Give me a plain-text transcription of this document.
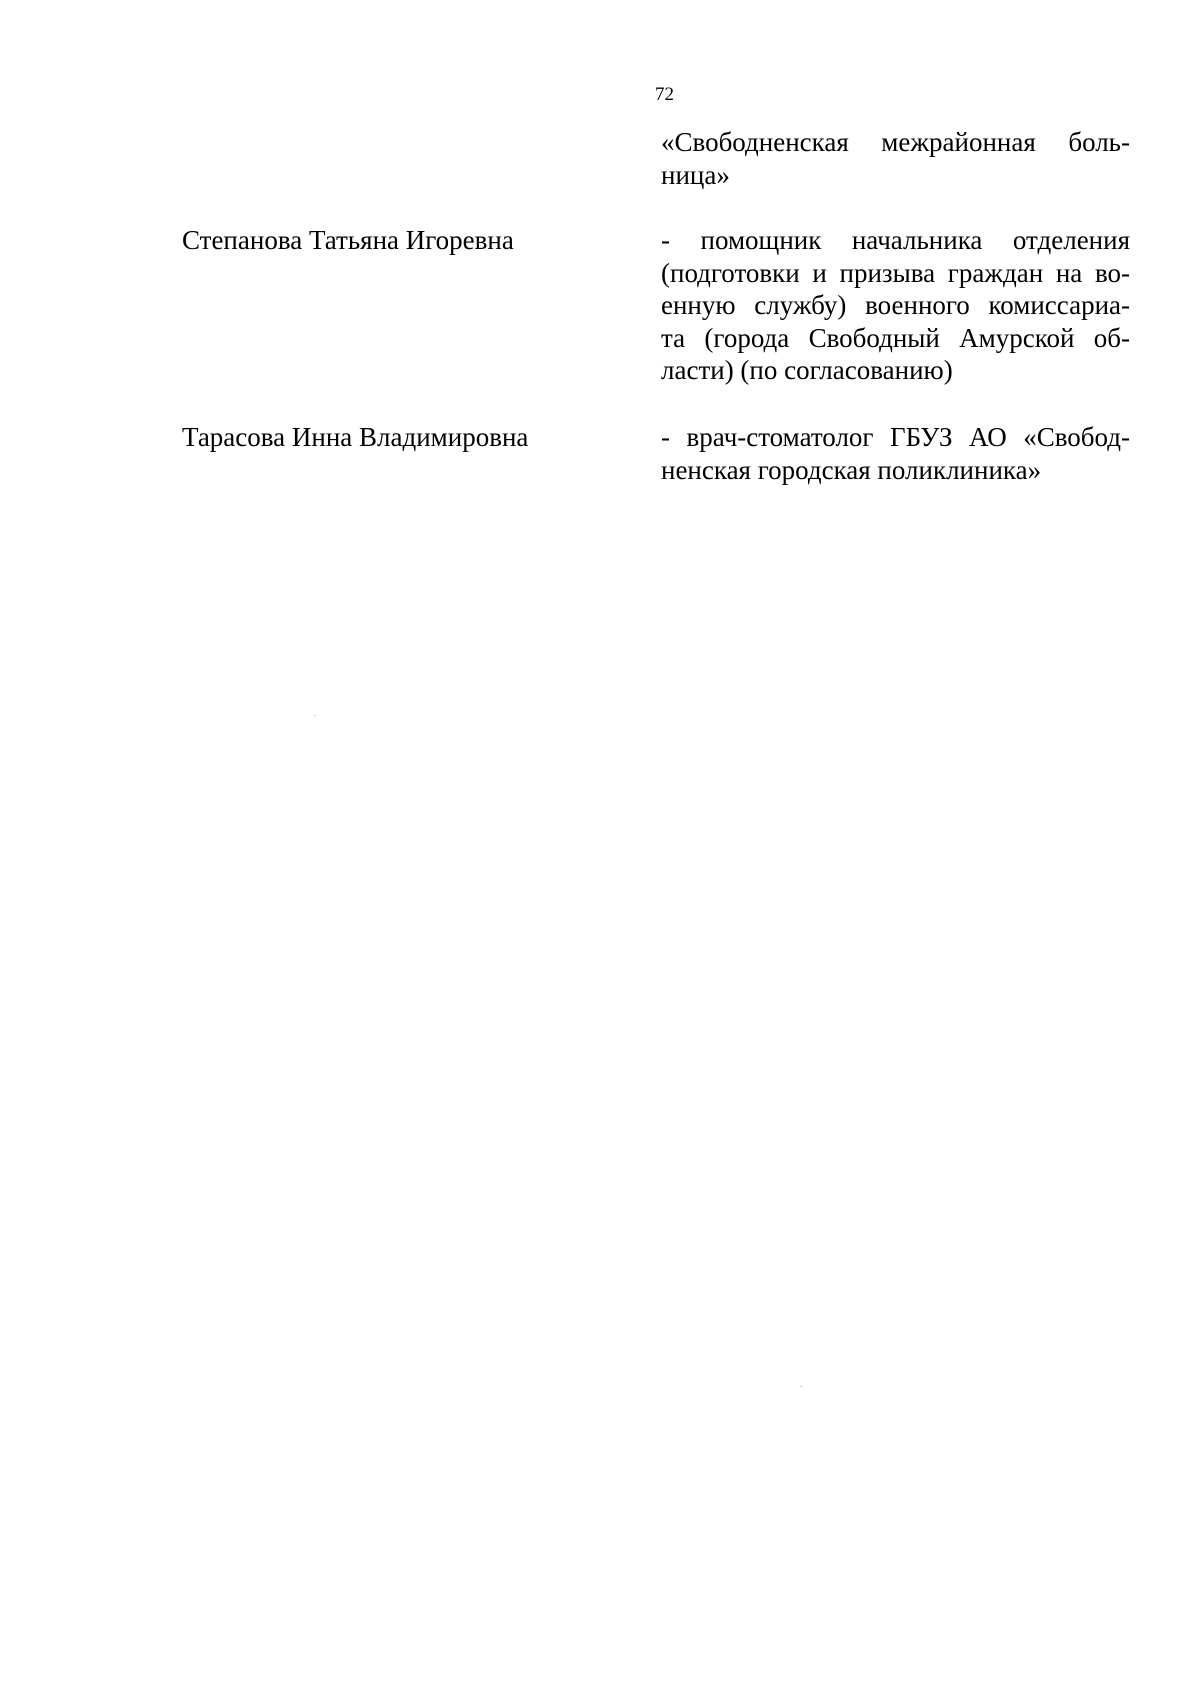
72
«Свободненская межрайонная боль-
ница»
Степанова Татьяна Игоревна	- помощник начальника отделения
(подготовки и призыва граждан на во-
енную службу) военного комиссариа-
та (города Свободный Амурской об-
ласти) (по согласованию)
Тарасова Инна Владимировна	- врач-стоматолог ГБУЗ АО «Свобод-
ненская городская поликлиника»
